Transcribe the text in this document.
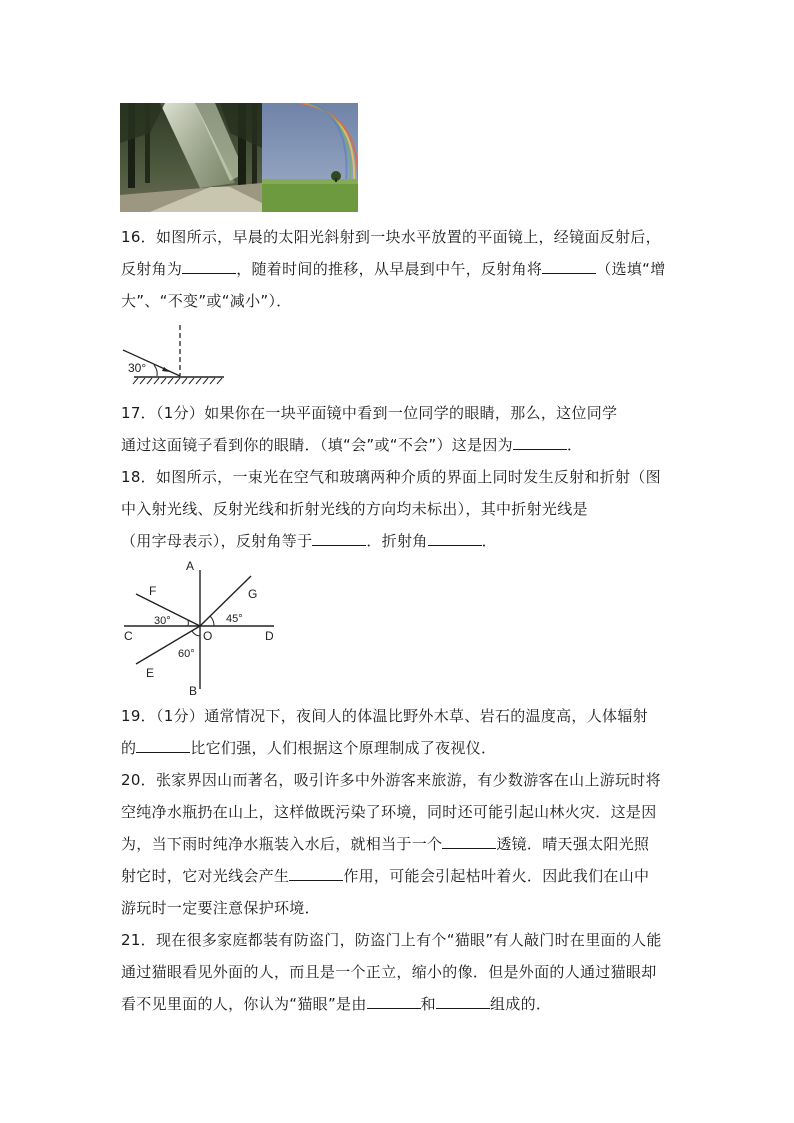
16．如图所示，早晨的太阳光斜射到一块水平放置的平面镜上，经镜面反射后，
反射角为	，随着时间的推移，从早晨到中午，反射角将	（选填“增
大”、“不变”或“减小”）．
30°
17．（1分）如果你在一块平面镜中看到一位同学的眼睛，那么，这位同学
通过这面镜子看到你的眼睛．（填“会”或“不会”）这是因为	．
18．如图所示，一束光在空气和玻璃两种介质的界面上同时发生反射和折射（图
中入射光线、反射光线和折射光线的方向均未标出），其中折射光线是
（用字母表示），反射角等于	．折射角	．
A
B
C	D
E
F	G
O
30°	45°
60°
19．（1分）通常情况下，夜间人的体温比野外木草、岩石的温度高，人体辐射
的	比它们强，人们根据这个原理制成了夜视仪．
20．张家界因山而著名，吸引许多中外游客来旅游，有少数游客在山上游玩时将
空纯净水瓶扔在山上，这样做既污染了环境，同时还可能引起山林火灾．这是因
为，当下雨时纯净水瓶装入水后，就相当于一个	透镜．晴天强太阳光照
射它时，它对光线会产生	作用，可能会引起枯叶着火．因此我们在山中
游玩时一定要注意保护环境．
21．现在很多家庭都装有防盗门，防盗门上有个“猫眼”有人敲门时在里面的人能
通过猫眼看见外面的人，而且是一个正立，缩小的像．但是外面的人通过猫眼却
看不见里面的人，你认为“猫眼”是由	和	组成的．
